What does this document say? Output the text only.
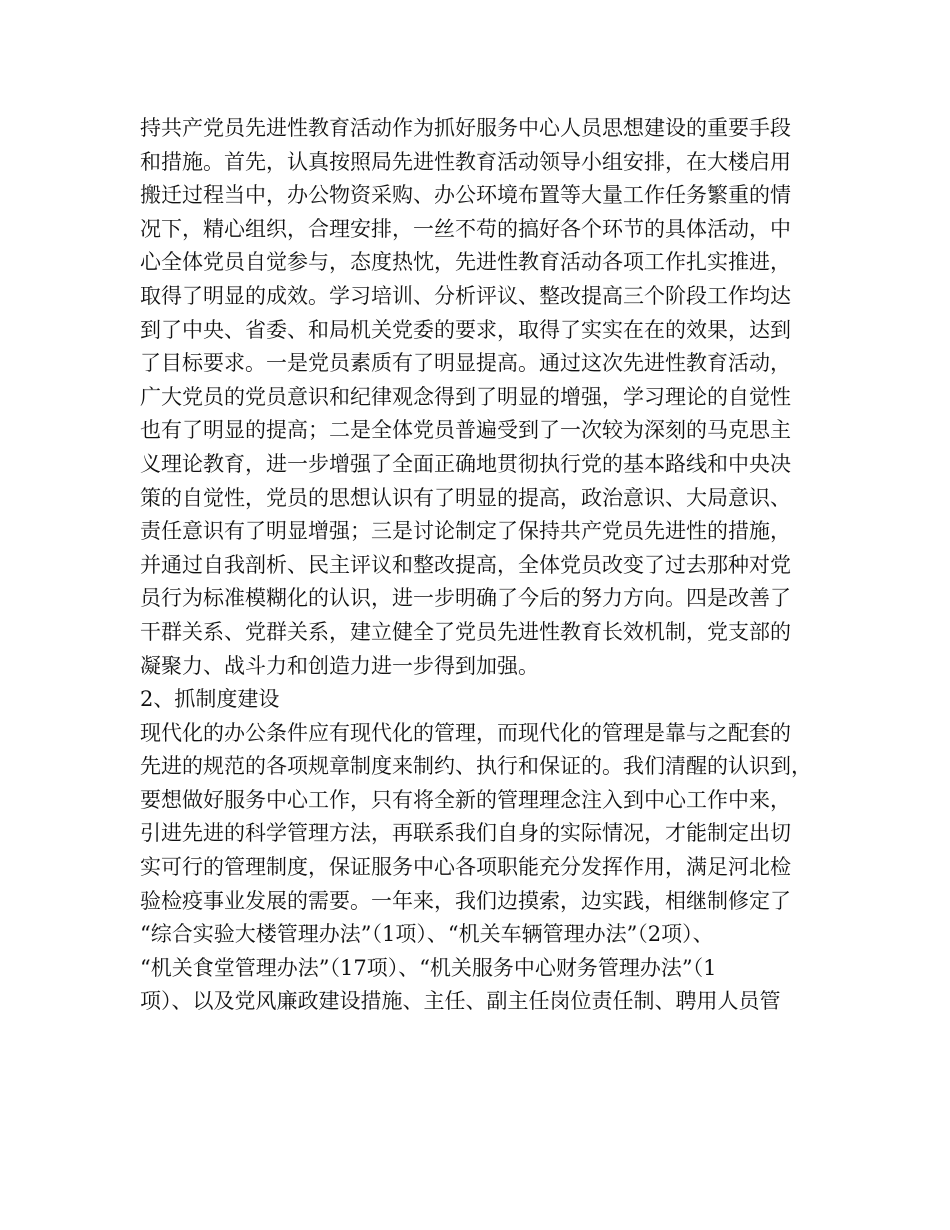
持共产党员先进性教育活动作为抓好服务中心人员思想建设的重要手段
和措施。首先，认真按照局先进性教育活动领导小组安排，在大楼启用
搬迁过程当中，办公物资采购、办公环境布置等大量工作任务繁重的情
况下，精心组织，合理安排，一丝不苟的搞好各个环节的具体活动，中
心全体党员自觉参与，态度热忱，先进性教育活动各项工作扎实推进，
取得了明显的成效。学习培训、分析评议、整改提高三个阶段工作均达
到了中央、省委、和局机关党委的要求，取得了实实在在的效果，达到
了目标要求。一是党员素质有了明显提高。通过这次先进性教育活动，
广大党员的党员意识和纪律观念得到了明显的增强，学习理论的自觉性
也有了明显的提高；二是全体党员普遍受到了一次较为深刻的马克思主
义理论教育，进一步增强了全面正确地贯彻执行党的基本路线和中央决
策的自觉性，党员的思想认识有了明显的提高，政治意识、大局意识、
责任意识有了明显增强；三是讨论制定了保持共产党员先进性的措施，
并通过自我剖析、民主评议和整改提高，全体党员改变了过去那种对党
员行为标准模糊化的认识，进一步明确了今后的努力方向。四是改善了
干群关系、党群关系，建立健全了党员先进性教育长效机制，党支部的
凝聚力、战斗力和创造力进一步得到加强。
2、抓制度建设
现代化的办公条件应有现代化的管理，而现代化的管理是靠与之配套的
先进的规范的各项规章制度来制约、执行和保证的。我们清醒的认识到，
要想做好服务中心工作，只有将全新的管理理念注入到中心工作中来，
引进先进的科学管理方法，再联系我们自身的实际情况，才能制定出切
实可行的管理制度，保证服务中心各项职能充分发挥作用，满足河北检
验检疫事业发展的需要。一年来，我们边摸索，边实践，相继制修定了
“综合实验大楼管理办法”（1项）、“机关车辆管理办法”（2项）、
“机关食堂管理办法”（17项）、“机关服务中心财务管理办法”（1
项）、以及党风廉政建设措施、主任、副主任岗位责任制、聘用人员管
